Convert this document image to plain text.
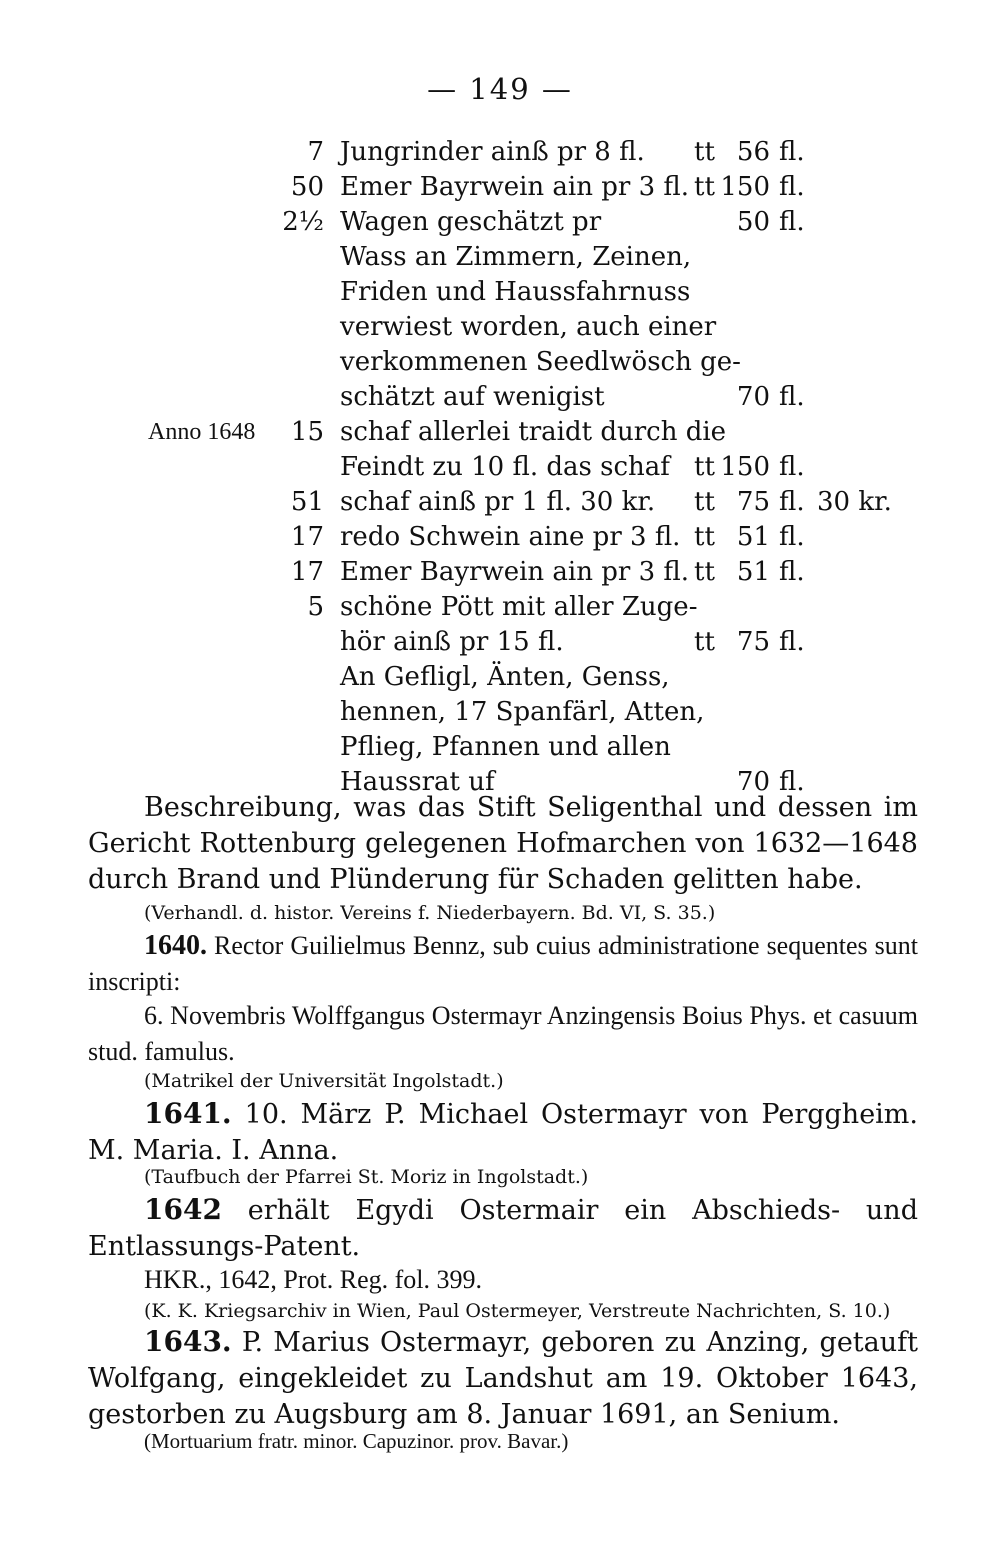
— 149 —
7 Jungrinder ainß pr 8 fl.	tt 56 fl.
50 Emer Bayrwein ain pr 3 fl. tt 150 fl.
2½ Wagen geschätzt pr	50 fl.
Wass an Zimmern, Zeinen,
Friden und Haussfahrnuss
verwiest worden, auch einer
verkommenen Seedlwösch ge-
schätzt auf wenigist	70 fl.
Anno 1648	15 schaf allerlei traidt durch die
Feindt zu 10 fl. das schaf tt 150 fl.
51 schaf ainß pr 1 fl. 30 kr.	tt 75 fl. 30 kr.
17 redo Schwein aine pr 3 fl. tt 51 fl.
17 Emer Bayrwein ain pr 3 fl. tt 51 fl.
5 schöne Pött mit aller Zuge-
hör ainß pr 15 fl.	tt 75 fl.
An Gefligl, Änten, Genss,
hennen, 17 Spanfärl, Atten,
Pflieg, Pfannen und allen
Haussrat uf	70 fl.
Beschreibung, was das Stift Seligenthal und dessen im Gericht Rottenburg gelegenen Hofmarchen von 1632—1648 durch Brand und Plünderung für Schaden gelitten habe.
(Verhandl. d. histor. Vereins f. Niederbayern. Bd. VI, S. 35.)
1640. Rector Guilielmus Bennz, sub cuius administratione sequentes sunt inscripti:
6. Novembris Wolffgangus Ostermayr Anzingensis Boius Phys. et casuum stud. famulus.
(Matrikel der Universität Ingolstadt.)
1641. 10. März P. Michael Ostermayr von Perggheim. M. Maria. I. Anna.
(Taufbuch der Pfarrei St. Moriz in Ingolstadt.)
1642 erhält Egydi Ostermair ein Abschieds- und Entlassungs-Patent.
HKR., 1642, Prot. Reg. fol. 399.
(K. K. Kriegsarchiv in Wien, Paul Ostermeyer, Verstreute Nachrichten, S. 10.)
1643. P. Marius Ostermayr, geboren zu Anzing, getauft Wolfgang, eingekleidet zu Landshut am 19. Oktober 1643, gestorben zu Augsburg am 8. Januar 1691, an Senium.
(Mortuarium fratr. minor. Capuzinor. prov. Bavar.)
